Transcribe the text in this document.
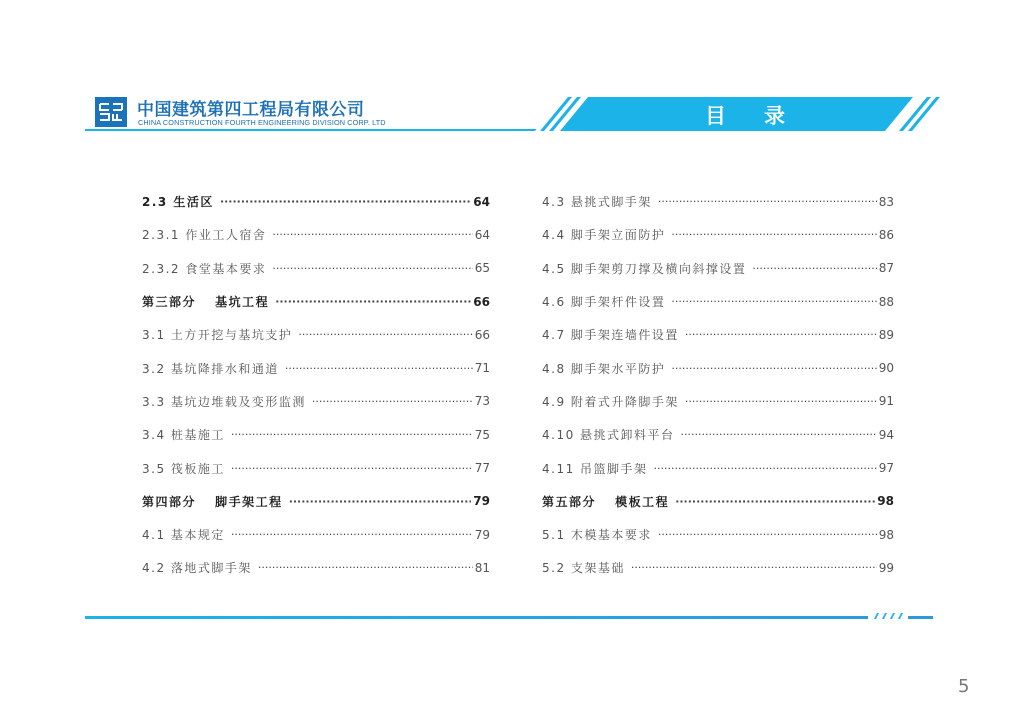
中国建筑第四工程局有限公司
CHINA CONSTRUCTION FOURTH ENGINEERING DIVISION CORP. LTD	目录
2.3 生活区 ·····	64
2.3.1 作业工人宿舍 ·····	64
2.3.2 食堂基本要求 ·····	65
第三部分　 基坑工程 ·····	66
3.1 土方开挖与基坑支护 ·····	66
3.2 基坑降排水和通道 ·····	71
3.3 基坑边堆载及变形监测 ·····	73
3.4 桩基施工 ·····	75
3.5 筏板施工 ·····	77
第四部分　 脚手架工程 ·····	79
4.1 基本规定 ·····	79
4.2 落地式脚手架 ·····	81
4.3 悬挑式脚手架 ·····	83
4.4 脚手架立面防护 ·····	86
4.5 脚手架剪刀撑及横向斜撑设置 ·····	87
4.6 脚手架杆件设置 ·····	88
4.7 脚手架连墙件设置 ·····	89
4.8 脚手架水平防护 ·····	90
4.9 附着式升降脚手架 ·····	91
4.10 悬挑式卸料平台 ·····	94
4.11 吊篮脚手架 ·····	97
第五部分　 模板工程 ·····	98
5.1 木模基本要求 ·····	98
5.2 支架基础 ·····	99
5
